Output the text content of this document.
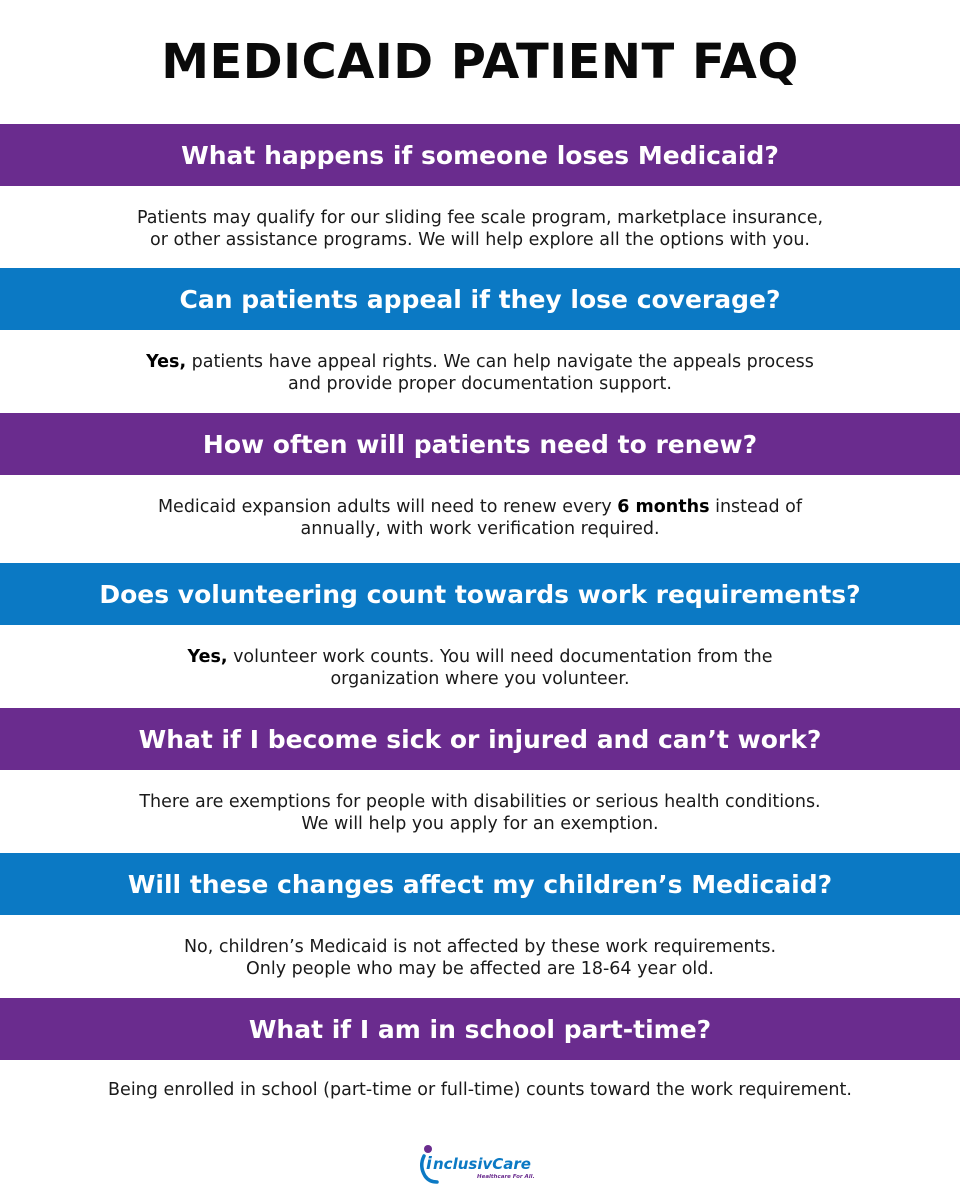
MEDICAID PATIENT FAQ
What happens if someone loses Medicaid?
Patients may qualify for our sliding fee scale program, marketplace insurance,
or other assistance programs. We will help explore all the options with you.
Can patients appeal if they lose coverage?
Yes, patients have appeal rights. We can help navigate the appeals process
and provide proper documentation support.
How often will patients need to renew?
Medicaid expansion adults will need to renew every 6 months instead of
annually, with work verification required.
Does volunteering count towards work requirements?
Yes, volunteer work counts. You will need documentation from the
organization where you volunteer.
What if I become sick or injured and can’t work?
There are exemptions for people with disabilities or serious health conditions.
We will help you apply for an exemption.
Will these changes affect my children’s Medicaid?
No, children’s Medicaid is not affected by these work requirements.
Only people who may be affected are 18-64 year old.
What if I am in school part-time?
Being enrolled in school (part-time or full-time) counts toward the work requirement.
i nclusivCare
Healthcare For All.
